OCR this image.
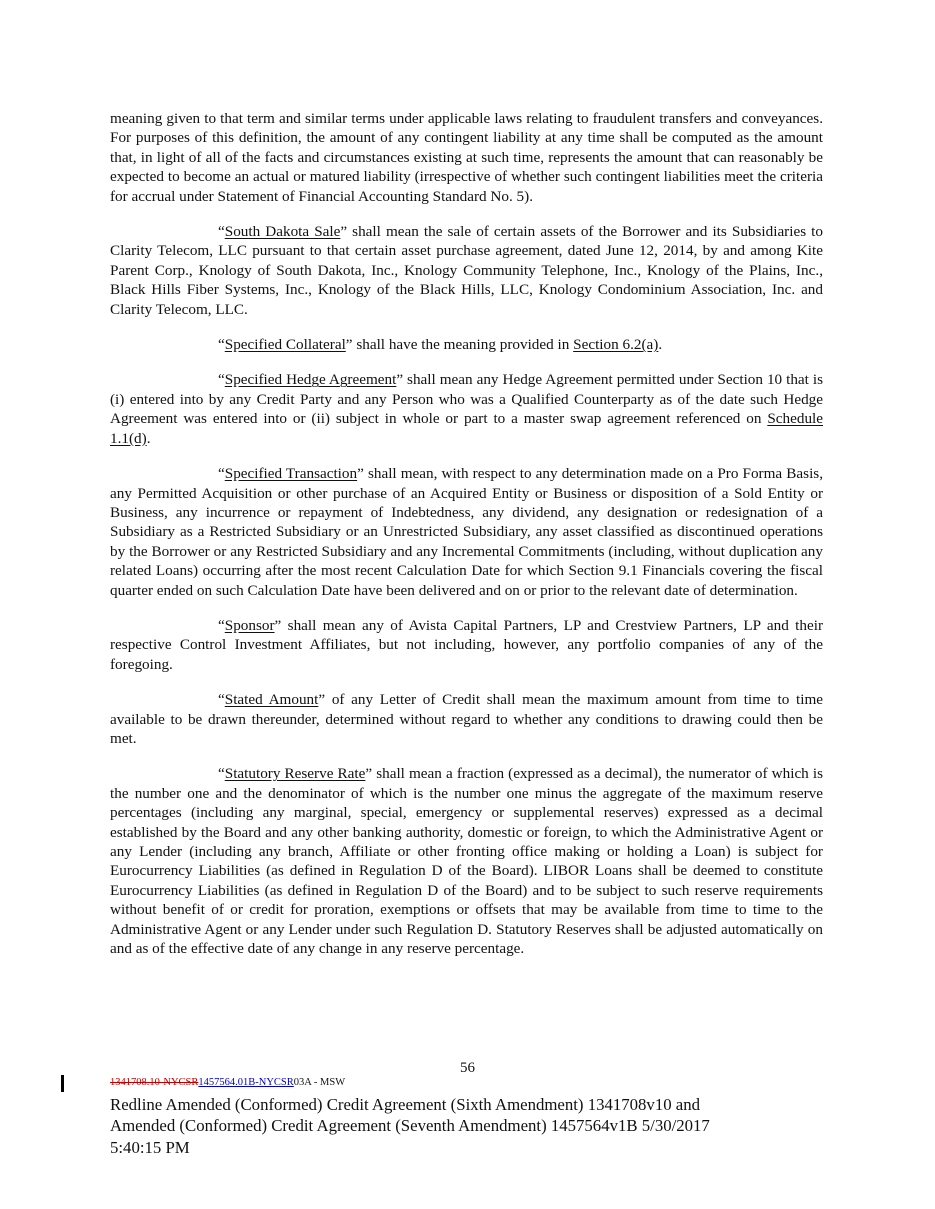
meaning given to that term and similar terms under applicable laws relating to fraudulent transfers and conveyances. For purposes of this definition, the amount of any contingent liability at any time shall be computed as the amount that, in light of all of the facts and circumstances existing at such time, represents the amount that can reasonably be expected to become an actual or matured liability (irrespective of whether such contingent liabilities meet the criteria for accrual under Statement of Financial Accounting Standard No. 5).

“South Dakota Sale” shall mean the sale of certain assets of the Borrower and its Subsidiaries to Clarity Telecom, LLC pursuant to that certain asset purchase agreement, dated June 12, 2014, by and among Kite Parent Corp., Knology of South Dakota, Inc., Knology Community Telephone, Inc., Knology of the Plains, Inc., Black Hills Fiber Systems, Inc., Knology of the Black Hills, LLC, Knology Condominium Association, Inc. and Clarity Telecom, LLC.

“Specified Collateral” shall have the meaning provided in Section 6.2(a).

“Specified Hedge Agreement” shall mean any Hedge Agreement permitted under Section 10 that is (i) entered into by any Credit Party and any Person who was a Qualified Counterparty as of the date such Hedge Agreement was entered into or (ii) subject in whole or part to a master swap agreement referenced on Schedule 1.1(d).

“Specified Transaction” shall mean, with respect to any determination made on a Pro Forma Basis, any Permitted Acquisition or other purchase of an Acquired Entity or Business or disposition of a Sold Entity or Business, any incurrence or repayment of Indebtedness, any dividend, any designation or redesignation of a Subsidiary as a Restricted Subsidiary or an Unrestricted Subsidiary, any asset classified as discontinued operations by the Borrower or any Restricted Subsidiary and any Incremental Commitments (including, without duplication any related Loans) occurring after the most recent Calculation Date for which Section 9.1 Financials covering the fiscal quarter ended on such Calculation Date have been delivered and on or prior to the relevant date of determination.

“Sponsor” shall mean any of Avista Capital Partners, LP and Crestview Partners, LP and their respective Control Investment Affiliates, but not including, however, any portfolio companies of any of the foregoing.

“Stated Amount” of any Letter of Credit shall mean the maximum amount from time to time available to be drawn thereunder, determined without regard to whether any conditions to drawing could then be met.

“Statutory Reserve Rate” shall mean a fraction (expressed as a decimal), the numerator of which is the number one and the denominator of which is the number one minus the aggregate of the maximum reserve percentages (including any marginal, special, emergency or supplemental reserves) expressed as a decimal established by the Board and any other banking authority, domestic or foreign, to which the Administrative Agent or any Lender (including any branch, Affiliate or other fronting office making or holding a Loan) is subject for Eurocurrency Liabilities (as defined in Regulation D of the Board). LIBOR Loans shall be deemed to constitute Eurocurrency Liabilities (as defined in Regulation D of the Board) and to be subject to such reserve requirements without benefit of or credit for proration, exemptions or offsets that may be available from time to time to the Administrative Agent or any Lender under such Regulation D. Statutory Reserves shall be adjusted automatically on and as of the effective date of any change in any reserve percentage.

56
1341708.10-NYCSR1457564.01B-NYCSR03A - MSW
Redline Amended (Conformed) Credit Agreement (Sixth Amendment) 1341708v10 and
Amended (Conformed) Credit Agreement (Seventh Amendment) 1457564v1B 5/30/2017
5:40:15 PM
